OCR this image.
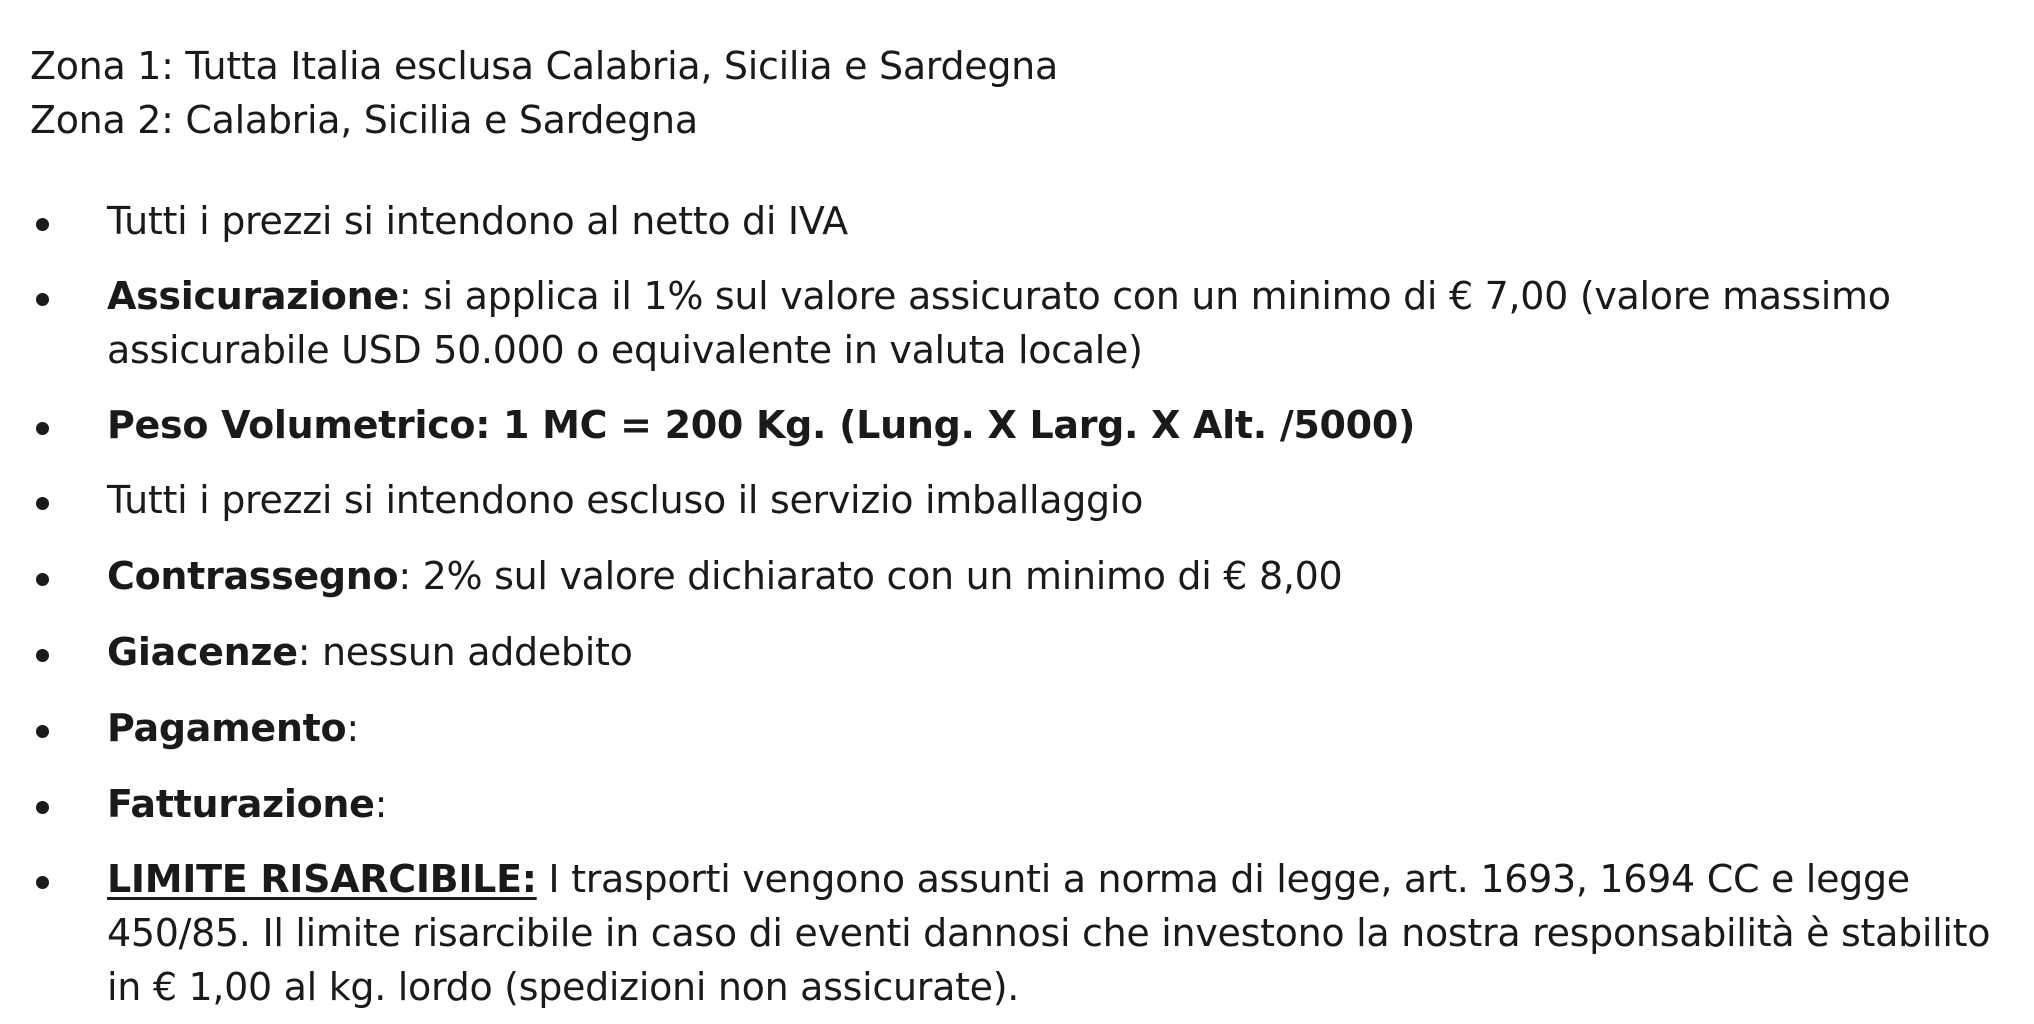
Zona 1: Tutta Italia esclusa Calabria, Sicilia e Sardegna
Zona 2: Calabria, Sicilia e Sardegna
Tutti i prezzi si intendono al netto di IVA
Assicurazione: si applica il 1% sul valore assicurato con un minimo di € 7,00 (valore massimo assicurabile USD 50.000 o equivalente in valuta locale)
Peso Volumetrico: 1 MC = 200 Kg. (Lung. X Larg. X Alt. /5000)
Tutti i prezzi si intendono escluso il servizio imballaggio
Contrassegno: 2% sul valore dichiarato con un minimo di € 8,00
Giacenze: nessun addebito
Pagamento:
Fatturazione:
LIMITE RISARCIBILE: I trasporti vengono assunti a norma di legge, art. 1693, 1694 CC e legge 450/85. Il limite risarcibile in caso di eventi dannosi che investono la nostra responsabilità è stabilito in € 1,00 al kg. lordo (spedizioni non assicurate).
